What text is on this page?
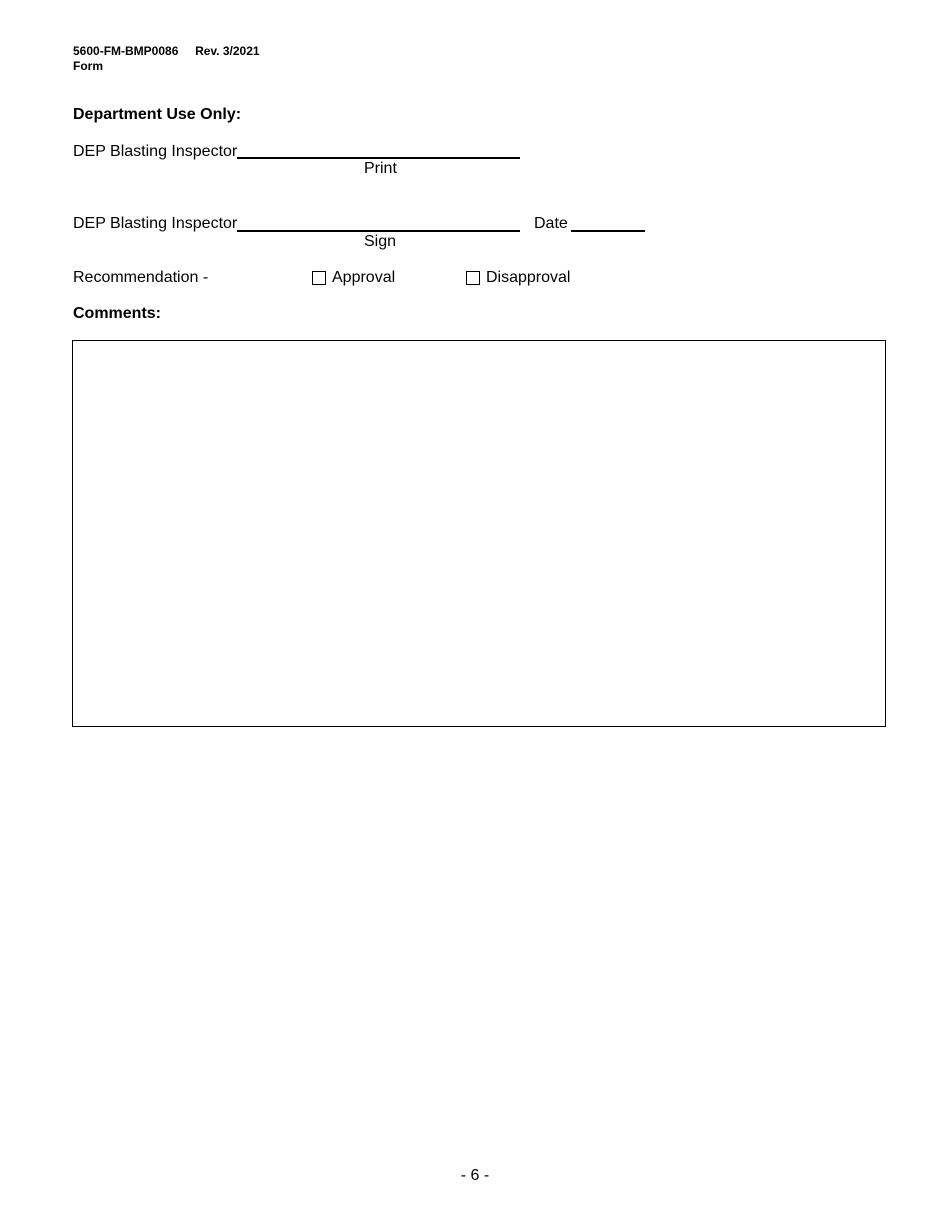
5600-FM-BMP0086 Rev. 3/2021
Form
Department Use Only:
DEP Blasting Inspector
Print
DEP Blasting Inspector
Sign
Date
Recommendation -	Approval	Disapproval
Comments:
- 6 -
